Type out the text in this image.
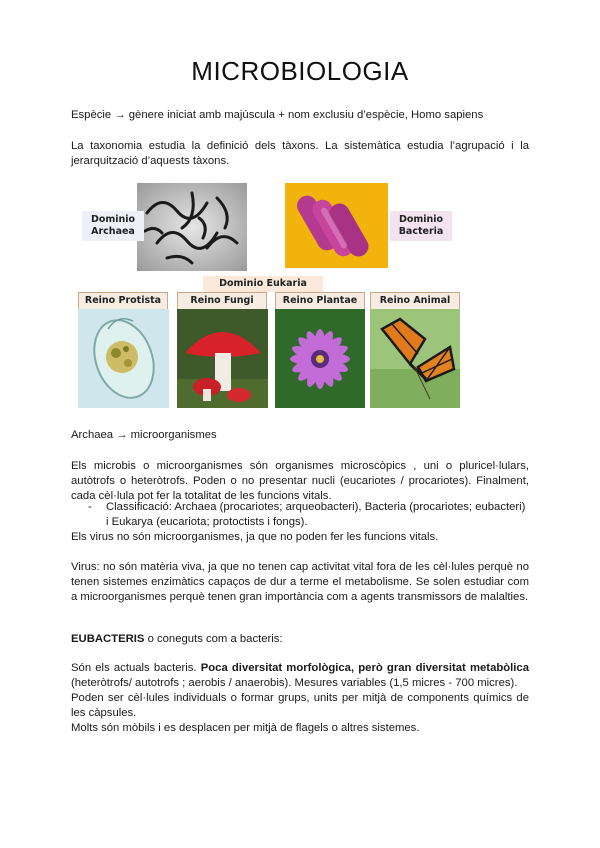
MICROBIOLOGIA

Espècie → gènere iniciat amb majúscula + nom exclusiu d’espècie, Homo sapiens

La taxonomia estudia la definició dels tàxons. La sistemàtica estudia l’agrupació i la jerarquització d’aquests tàxons.

Dominio
Archaea
Dominio
Bacteria
Dominio Eukaria
Reino Protista	Reino Fungi	Reino Plantae	Reino Animal

Archaea → microorganismes

Els microbis o microorganismes són organismes microscòpics , uni o pluricel·lulars, autòtrofs o heteròtrofs. Poden o no presentar nucli (eucariotes / procariotes). Finalment, cada cèl·lula pot fer la totalitat de les funcions vitals.

- Classificació: Archaea (procariotes; arqueobacteri), Bacteria (procariotes; eubacteri) i Eukarya (eucariota; protoctists i fongs).

Els virus no són microorganismes, ja que no poden fer les funcions vitals.

Virus: no són matèria viva, ja que no tenen cap activitat vital fora de les cèl·lules perquè no tenen sistemes enzimàtics capaços de dur a terme el metabolisme. Se solen estudiar com a microorganismes perquè tenen gran importància com a agents transmissors de malalties.

EUBACTERIS o coneguts com a bacteris:

Són els actuals bacteris. Poca diversitat morfològica, però gran diversitat metabòlica (heteròtrofs/ autotrofs ; aerobis / anaerobis). Mesures variables (1,5 micres - 700 micres).

Poden ser cèl·lules individuals o formar grups, units per mitjà de components químics de les càpsules.

Molts són mòbils i es desplacen per mitjà de flagels o altres sistemes.
